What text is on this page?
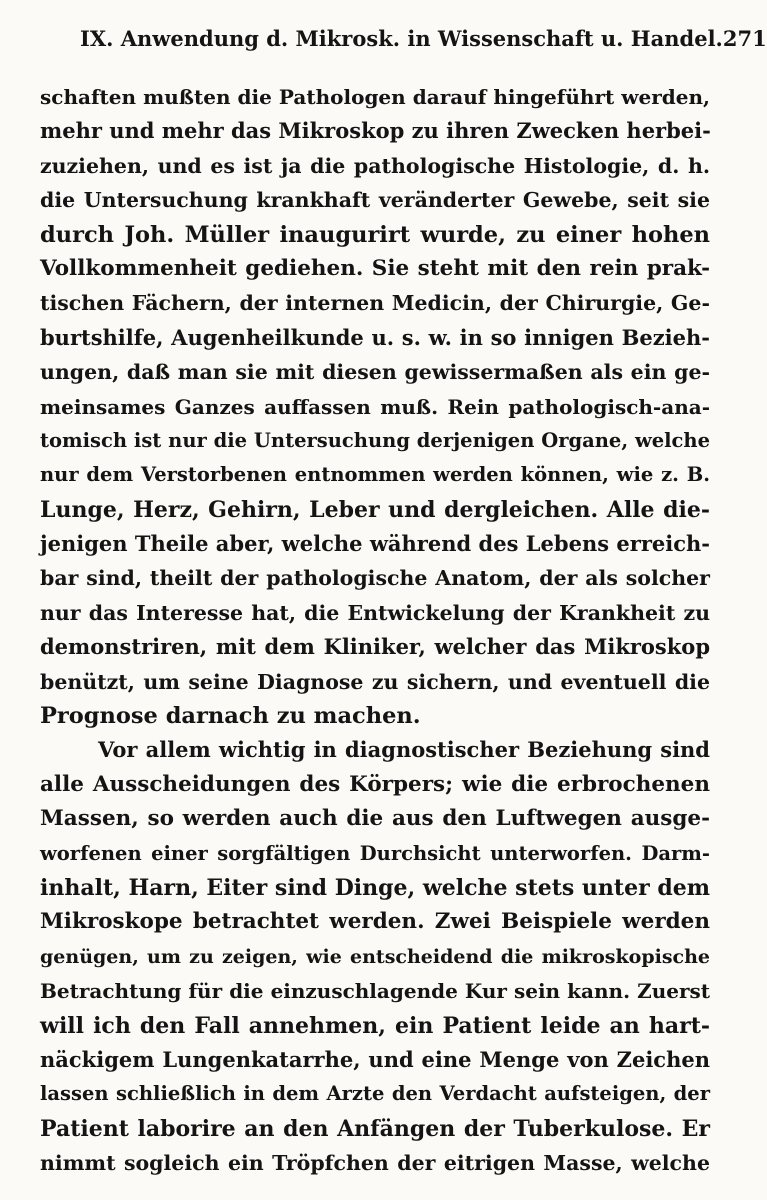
IX. Anwendung d. Mikrosk. in Wissenschaft u. Handel. 271
schaften mußten die Pathologen darauf hingeführt werden,
mehr und mehr das Mikroskop zu ihren Zwecken herbei-
zuziehen, und es ist ja die pathologische Histologie, d. h.
die Untersuchung krankhaft veränderter Gewebe, seit sie
durch Joh. Müller inaugurirt wurde, zu einer hohen
Vollkommenheit gediehen. Sie steht mit den rein prak-
tischen Fächern, der internen Medicin, der Chirurgie, Ge-
burtshilfe, Augenheilkunde u. s. w. in so innigen Bezieh-
ungen, daß man sie mit diesen gewissermaßen als ein ge-
meinsames Ganzes auffassen muß. Rein pathologisch-ana-
tomisch ist nur die Untersuchung derjenigen Organe, welche
nur dem Verstorbenen entnommen werden können, wie z. B.
Lunge, Herz, Gehirn, Leber und dergleichen. Alle die-
jenigen Theile aber, welche während des Lebens erreich-
bar sind, theilt der pathologische Anatom, der als solcher
nur das Interesse hat, die Entwickelung der Krankheit zu
demonstriren, mit dem Kliniker, welcher das Mikroskop
benützt, um seine Diagnose zu sichern, und eventuell die
Prognose darnach zu machen.
Vor allem wichtig in diagnostischer Beziehung sind
alle Ausscheidungen des Körpers; wie die erbrochenen
Massen, so werden auch die aus den Luftwegen ausge-
worfenen einer sorgfältigen Durchsicht unterworfen. Darm-
inhalt, Harn, Eiter sind Dinge, welche stets unter dem
Mikroskope betrachtet werden. Zwei Beispiele werden
genügen, um zu zeigen, wie entscheidend die mikroskopische
Betrachtung für die einzuschlagende Kur sein kann. Zuerst
will ich den Fall annehmen, ein Patient leide an hart-
näckigem Lungenkatarrhe, und eine Menge von Zeichen
lassen schließlich in dem Arzte den Verdacht aufsteigen, der
Patient laborire an den Anfängen der Tuberkulose. Er
nimmt sogleich ein Tröpfchen der eitrigen Masse, welche
